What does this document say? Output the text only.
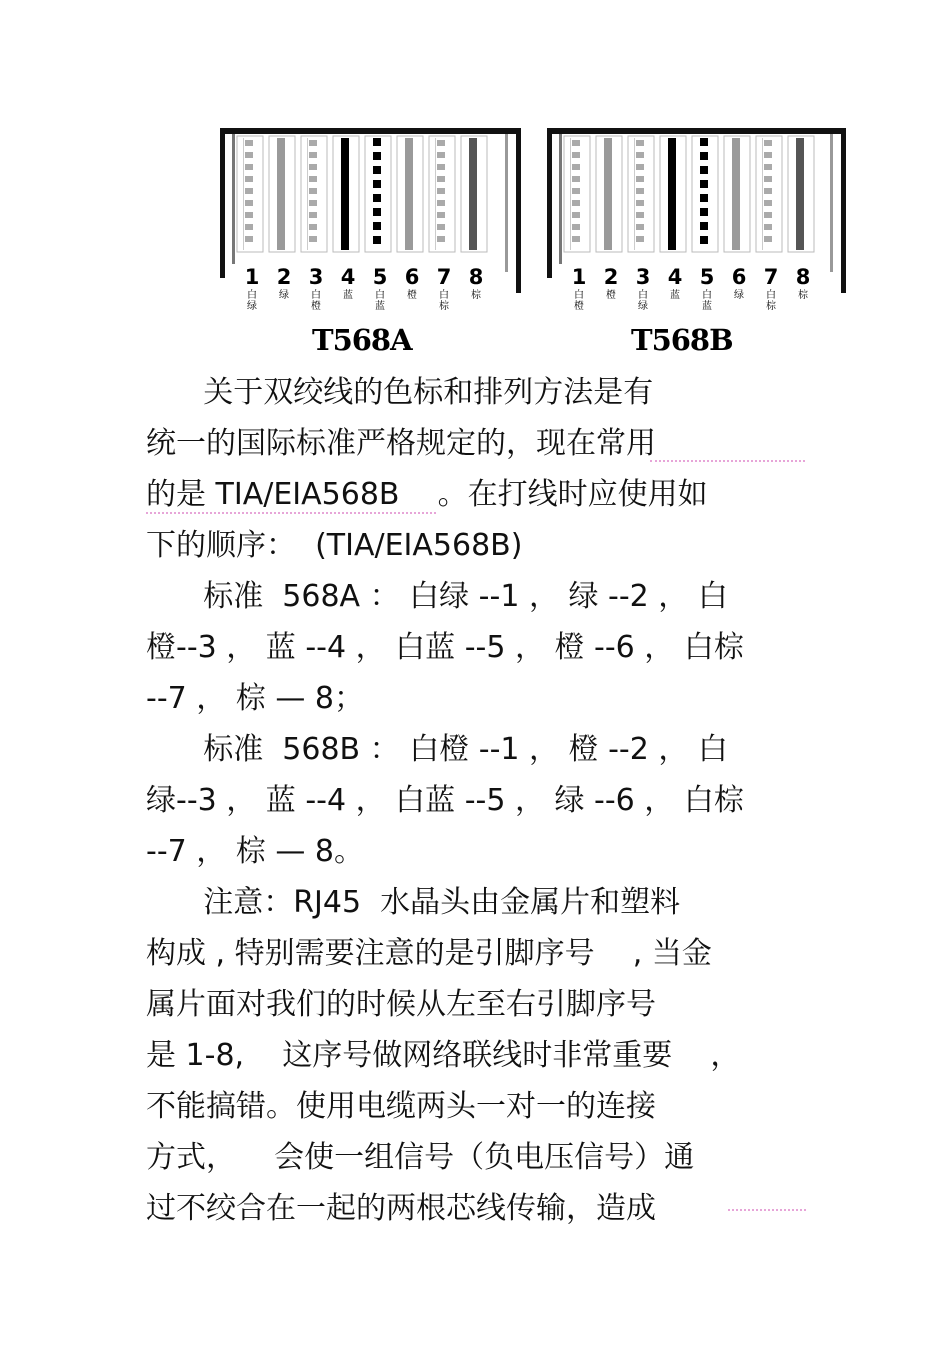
1
白
绿
2
绿
3
白
橙
4
蓝
5
白
蓝
6
橙
7
白
棕
8
棕
T568A
1
白
橙
2
橙
3
白
绿
4
蓝
5
白
蓝
6
绿
7
白
棕
8
棕
T568B
关于双绞线的色标和排列方法是有
统一的国际标准严格规定的，现在常用
的是 TIA/EIA568B    。在打线时应使用如
下的顺序：  (TIA/EIA568B)
标准  568A ： 白绿 --1 ， 绿 --2 ， 白
橙--3 ， 蓝 --4 ， 白蓝 --5 ， 橙 --6 ， 白棕
--7 ， 棕 — 8；
标准  568B ： 白橙 --1 ， 橙 --2 ， 白
绿--3 ， 蓝 --4 ， 白蓝 --5 ， 绿 --6 ， 白棕
--7 ， 棕 — 8。
注意：RJ45  水晶头由金属片和塑料
构成 , 特别需要注意的是引脚序号    , 当金
属片面对我们的时候从左至右引脚序号
是 1-8,    这序号做网络联线时非常重要    ，
不能搞错。使用电缆两头一对一的连接
方式，    会使一组信号（负电压信号）通
过不绞合在一起的两根芯线传输，造成
